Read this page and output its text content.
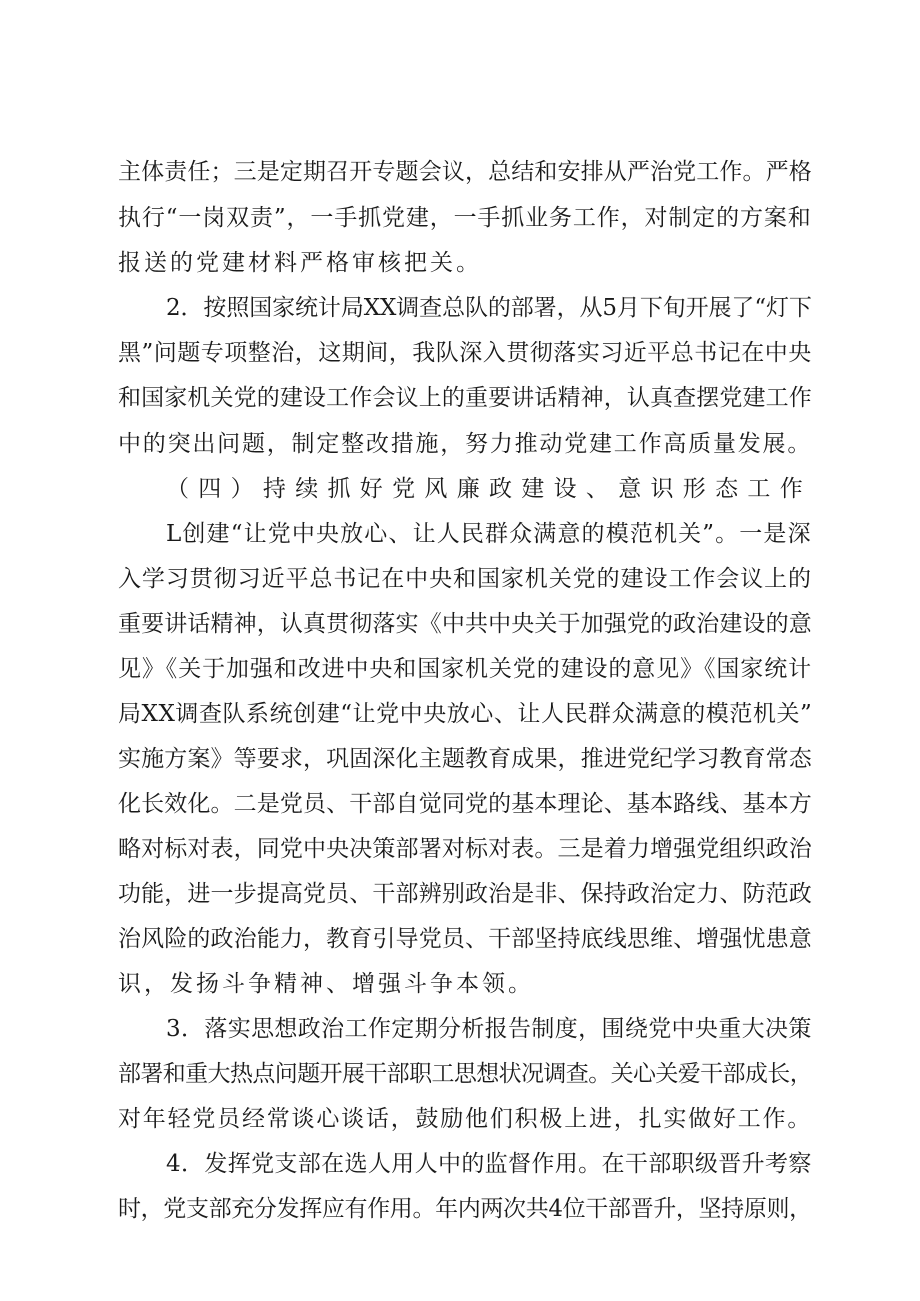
主体责任；三是定期召开专题会议，总结和安排从严治党工作。严格
执行“一岗双责”，一手抓党建，一手抓业务工作，对制定的方案和
报送的党建材料严格审核把关。
2．按照国家统计局XX调查总队的部署，从5月下旬开展了“灯下
黑”问题专项整治，这期间，我队深入贯彻落实习近平总书记在中央
和国家机关党的建设工作会议上的重要讲话精神，认真查摆党建工作
中的突出问题，制定整改措施，努力推动党建工作高质量发展。
（四）持续抓好党风廉政建设、意识形态工作
L创建“让党中央放心、让人民群众满意的模范机关”。一是深
入学习贯彻习近平总书记在中央和国家机关党的建设工作会议上的
重要讲话精神，认真贯彻落实《中共中央关于加强党的政治建设的意
见》《关于加强和改进中央和国家机关党的建设的意见》《国家统计
局XX调查队系统创建“让党中央放心、让人民群众满意的模范机关”
实施方案》等要求，巩固深化主题教育成果，推进党纪学习教育常态
化长效化。二是党员、干部自觉同党的基本理论、基本路线、基本方
略对标对表，同党中央决策部署对标对表。三是着力增强党组织政治
功能，进一步提高党员、干部辨别政治是非、保持政治定力、防范政
治风险的政治能力，教育引导党员、干部坚持底线思维、增强忧患意
识，发扬斗争精神、增强斗争本领。
3．落实思想政治工作定期分析报告制度，围绕党中央重大决策
部署和重大热点问题开展干部职工思想状况调查。关心关爱干部成长，
对年轻党员经常谈心谈话，鼓励他们积极上进，扎实做好工作。
4．发挥党支部在选人用人中的监督作用。在干部职级晋升考察
时，党支部充分发挥应有作用。年内两次共4位干部晋升，坚持原则，
